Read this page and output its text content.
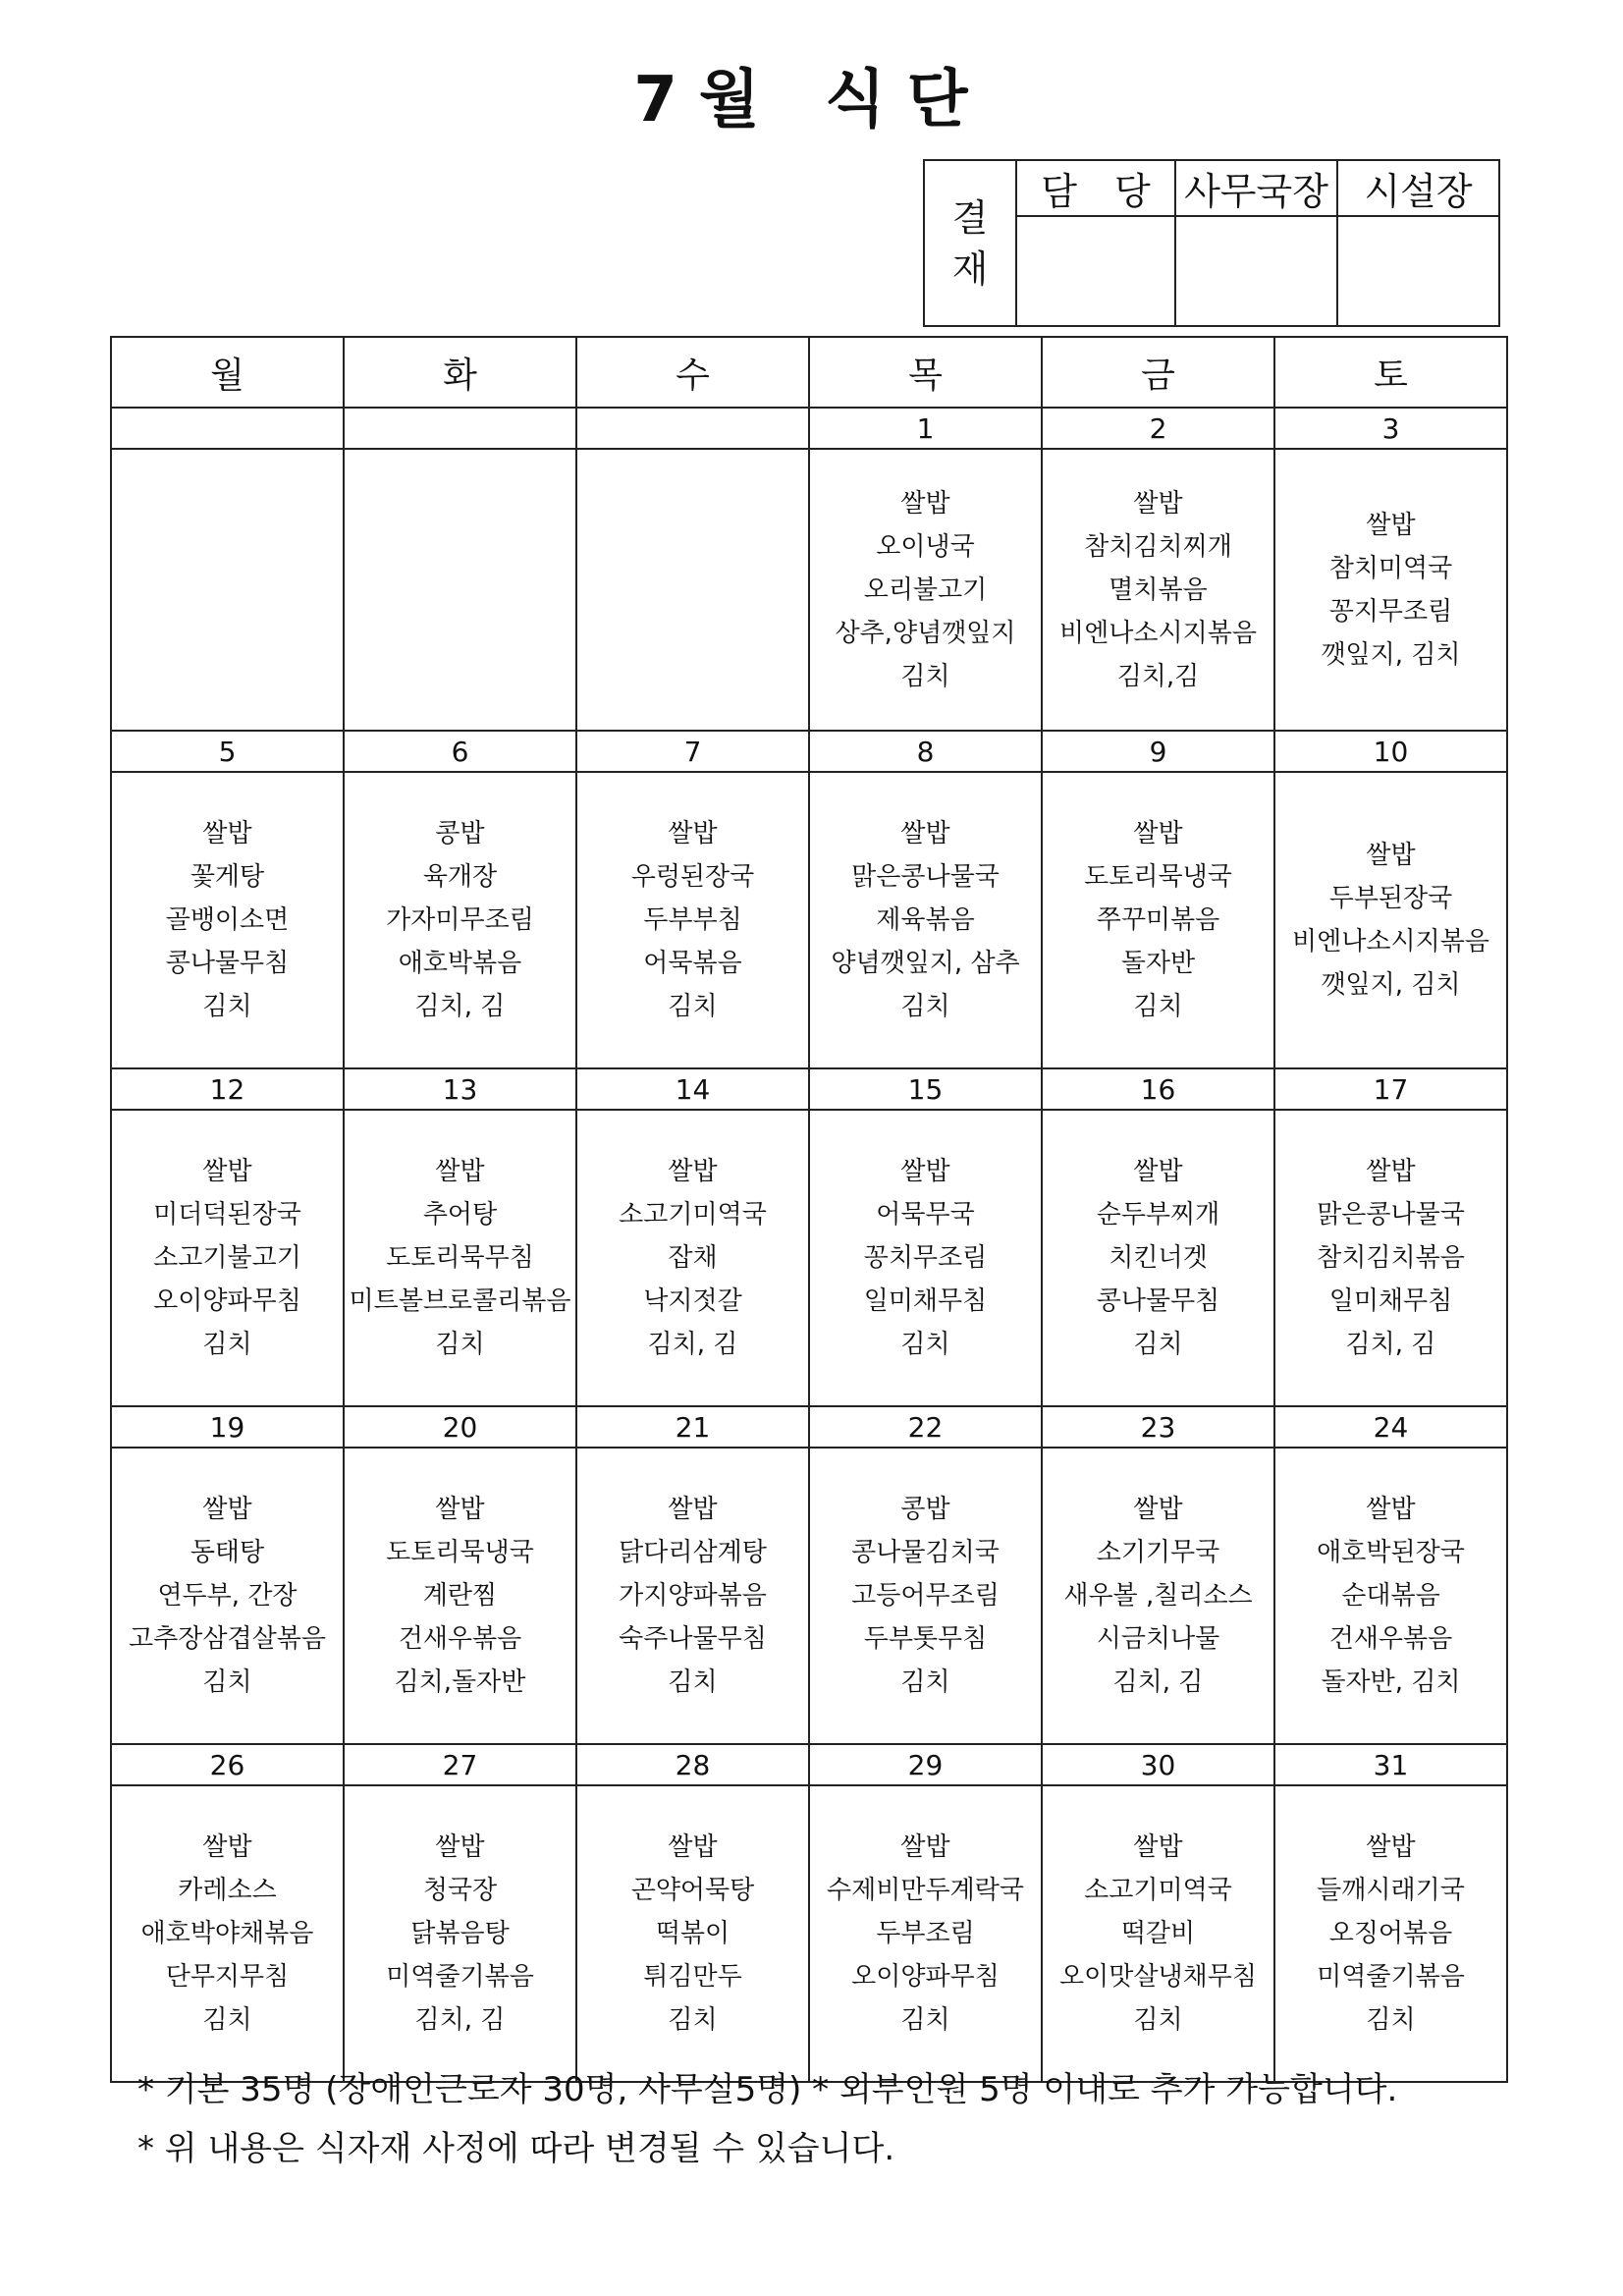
7월 식단
결
재	담　당	사무국장	시설장

월	화	수	목	금	토
			1	2	3

			쌀밥
오이냉국
오리불고기
상추,양념깻잎지
김치	쌀밥
참치김치찌개
멸치볶음
비엔나소시지볶음
김치,김	쌀밥
참치미역국
꽁지무조림
깻잎지, 김치

5	6	7	8	9	10

쌀밥
꽃게탕
골뱅이소면
콩나물무침
김치	콩밥
육개장
가자미무조림
애호박볶음
김치, 김	쌀밥
우렁된장국
두부부침
어묵볶음
김치	쌀밥
맑은콩나물국
제육볶음
양념깻잎지, 삼추
김치	쌀밥
도토리묵냉국
쭈꾸미볶음
돌자반
김치	쌀밥
두부된장국
비엔나소시지볶음
깻잎지, 김치

12	13	14	15	16	17

쌀밥
미더덕된장국
소고기불고기
오이양파무침
김치	쌀밥
추어탕
도토리묵무침
미트볼브로콜리볶음
김치	쌀밥
소고기미역국
잡채
낙지젓갈
김치, 김	쌀밥
어묵무국
꽁치무조림
일미채무침
김치	쌀밥
순두부찌개
치킨너겟
콩나물무침
김치	쌀밥
맑은콩나물국
참치김치볶음
일미채무침
김치, 김

19	20	21	22	23	24

쌀밥
동태탕
연두부, 간장
고추장삼겹살볶음
김치	쌀밥
도토리묵냉국
계란찜
건새우볶음
김치,돌자반	쌀밥
닭다리삼계탕
가지양파볶음
숙주나물무침
김치	콩밥
콩나물김치국
고등어무조림
두부톳무침
김치	쌀밥
소기기무국
새우볼 ,칠리소스
시금치나물
김치, 김	쌀밥
애호박된장국
순대볶음
건새우볶음
돌자반, 김치

26	27	28	29	30	31

쌀밥
카레소스
애호박야채볶음
단무지무침
김치	쌀밥
청국장
닭볶음탕
미역줄기볶음
김치, 김	쌀밥
곤약어묵탕
떡볶이
튀김만두
김치	쌀밥
수제비만두계락국
두부조림
오이양파무침
김치	쌀밥
소고기미역국
떡갈비
오이맛살냉채무침
김치	쌀밥
들깨시래기국
오징어볶음
미역줄기볶음
김치
* 기본 35명 (장애인근로자 30명, 사무실5명) * 외부인원 5명 이내로 추가 가능합니다.
* 위 내용은 식자재 사정에 따라 변경될 수 있습니다.
